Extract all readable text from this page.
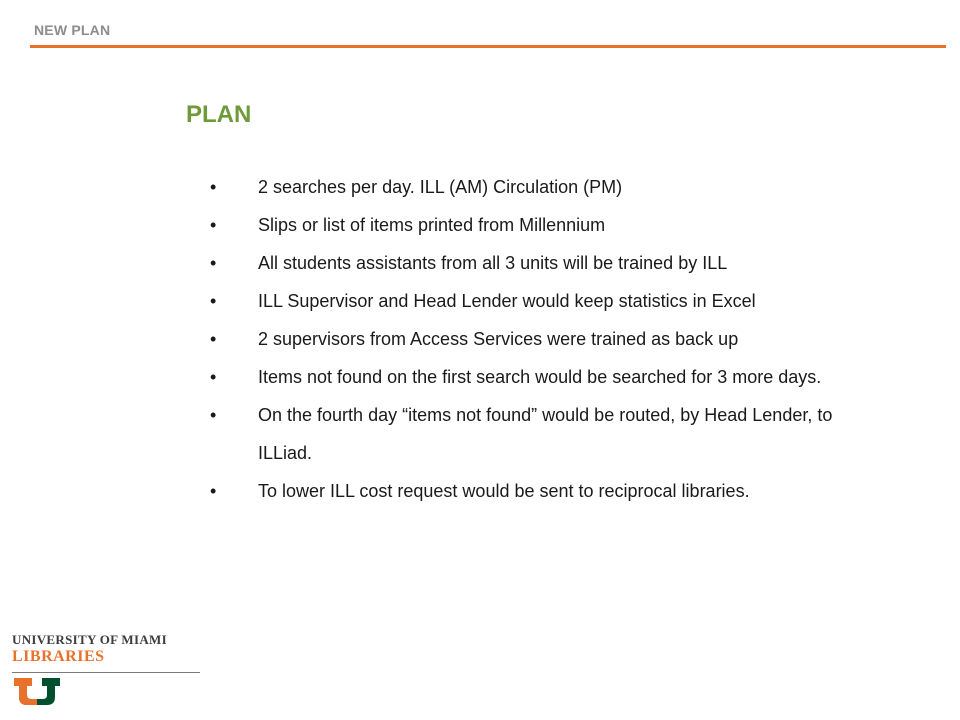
NEW PLAN
PLAN
• 2 searches per day. ILL (AM) Circulation (PM)
• Slips or list of items printed from Millennium
• All students assistants from all 3 units will be trained by ILL
• ILL Supervisor and Head Lender would keep statistics in Excel
• 2 supervisors from Access Services were trained as back up
• Items not found on the first search would be searched for 3 more days.
• On the fourth day “items not found” would be routed, by Head Lender, to ILLiad.
• To lower ILL cost request would be sent to reciprocal libraries.
UNIVERSITY OF MIAMI
LIBRARIES
